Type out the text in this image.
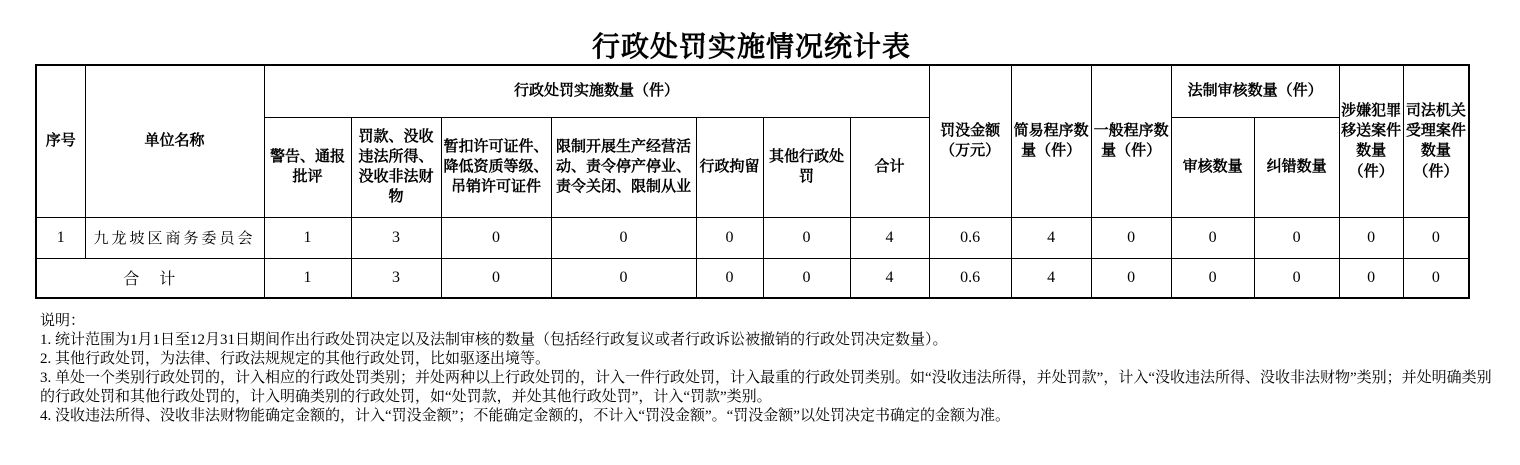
行政处罚实施情况统计表
序号	单位名称	行政处罚实施数量（件）							罚没金额（万元）	简易程序数量（件）	一般程序数量（件）	法制审核数量（件）		涉嫌犯罪移送案件数量（件）	司法机关受理案件数量（件）
		警告、通报批评	罚款、没收违法所得、没收非法财物	暂扣许可证件、降低资质等级、吊销许可证件	限制开展生产经营活动、责令停产停业、责令关闭、限制从业	行政拘留	其他行政处罚	合计				审核数量	纠错数量		
1	九龙坡区商务委员会	1	3	0	0	0	0	4	0.6	4	0	0	0	0	0
合　计		1	3	0	0	0	0	4	0.6	4	0	0	0	0	0
说明：
1. 统计范围为1月1日至12月31日期间作出行政处罚决定以及法制审核的数量（包括经行政复议或者行政诉讼被撤销的行政处罚决定数量）。
2. 其他行政处罚，为法律、行政法规规定的其他行政处罚，比如驱逐出境等。
3. 单处一个类别行政处罚的，计入相应的行政处罚类别；并处两种以上行政处罚的，计入一件行政处罚，计入最重的行政处罚类别。如“没收违法所得，并处罚款”，计入“没收违法所得、没收非法财物”类别；并处明确类别的行政处罚和其他行政处罚的，计入明确类别的行政处罚，如“处罚款，并处其他行政处罚”，计入“罚款”类别。
4. 没收违法所得、没收非法财物能确定金额的，计入“罚没金额”；不能确定金额的，不计入“罚没金额”。“罚没金额”以处罚决定书确定的金额为准。
